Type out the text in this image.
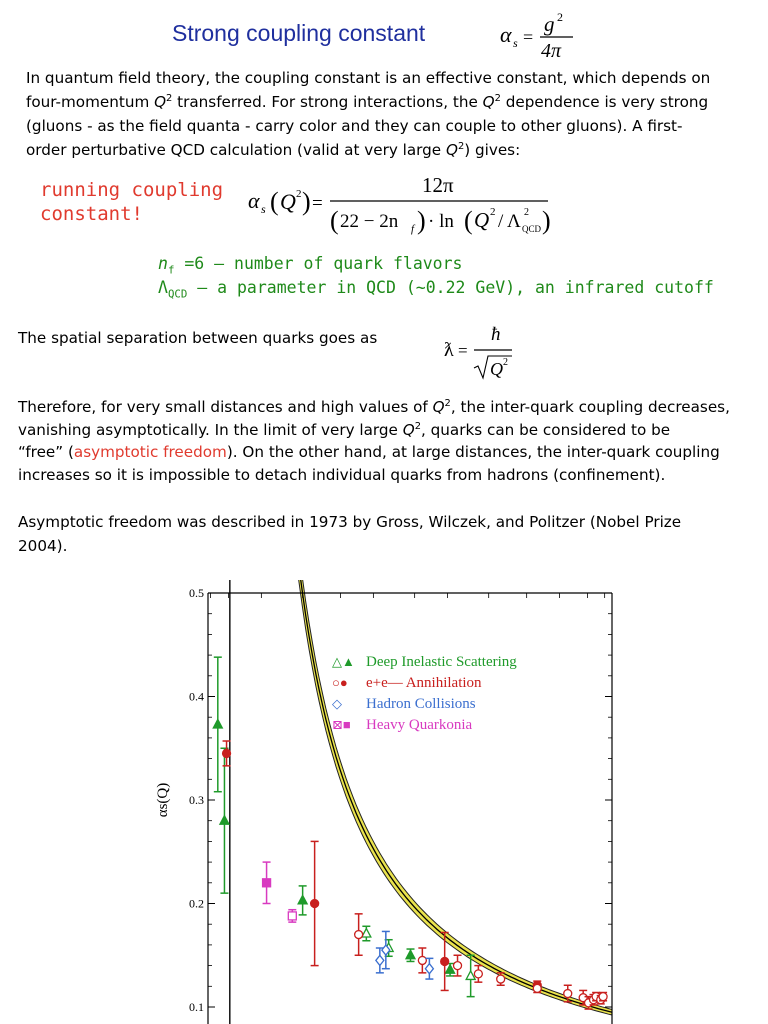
Strong coupling constant	α s =
g 2
4π
In quantum field theory, the coupling constant is an effective constant, which depends on
four-momentum $Q^2$ transferred. For strong interactions, the $Q^2$ dependence is very strong
(gluons - as the field quanta - carry color and they can couple to other gluons). A first-
order perturbative QCD calculation (valid at very large $Q^2$) gives:
running coupling
constant!
α s ( Q 2 ) =
12π
( 22 − 2n f ) · ln ( Q 2 / Λ 2
QCD )
$n_f =6$ – number of quark flavors
$\Lambda_{QCD}$ – a parameter in QCD (~0.22 GeV), an infrared cutoff
The spatial separation between quarks goes as
ƛ =
ħ
Q 2
Therefore, for very small distances and high values of $Q^2$, the inter-quark coupling decreases,
vanishing asymptotically. In the limit of very large $Q^2$, quarks can be considered to be
“free” (asymptotic freedom). On the other hand, at large distances, the inter-quark coupling
increases so it is impossible to detach individual quarks from hadrons (confinement).
Asymptotic freedom was described in 1973 by Gross, Wilczek, and Politzer (Nobel Prize
2004).
0.5
0.4
0.3
0.2
0.1
αs(Q)
△▲ Deep Inelastic Scattering
○● e+e— Annihilation
◇ Hadron Collisions
⊠■ Heavy Quarkonia
